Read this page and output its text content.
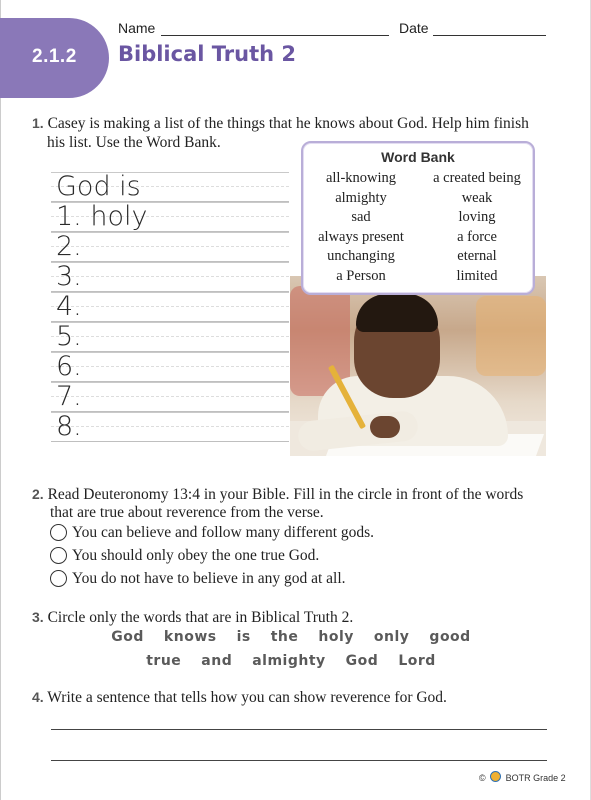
2.1.2 Biblical Truth 2
Name	Date
1. Casey is making a list of the things that he knows about God. Help him finish
his list. Use the Word Bank.
God is
1. holy
2.
3.
4.
5.
6.
7.
8.
Word Bank
all-knowing
almighty
sad
always present
unchanging
a Person
a created being
weak
loving
a force
eternal
limited
2. Read Deuteronomy 13:4 in your Bible. Fill in the circle in front of the words
that are true about reverence from the verse.
You can believe and follow many different gods.
You should only obey the one true God.
You do not have to believe in any god at all.
3. Circle only the words that are in Biblical Truth 2.
God knows is the holy only good
true and almighty God Lord
4. Write a sentence that tells how you can show reverence for God.
© BOTR Grade 2
